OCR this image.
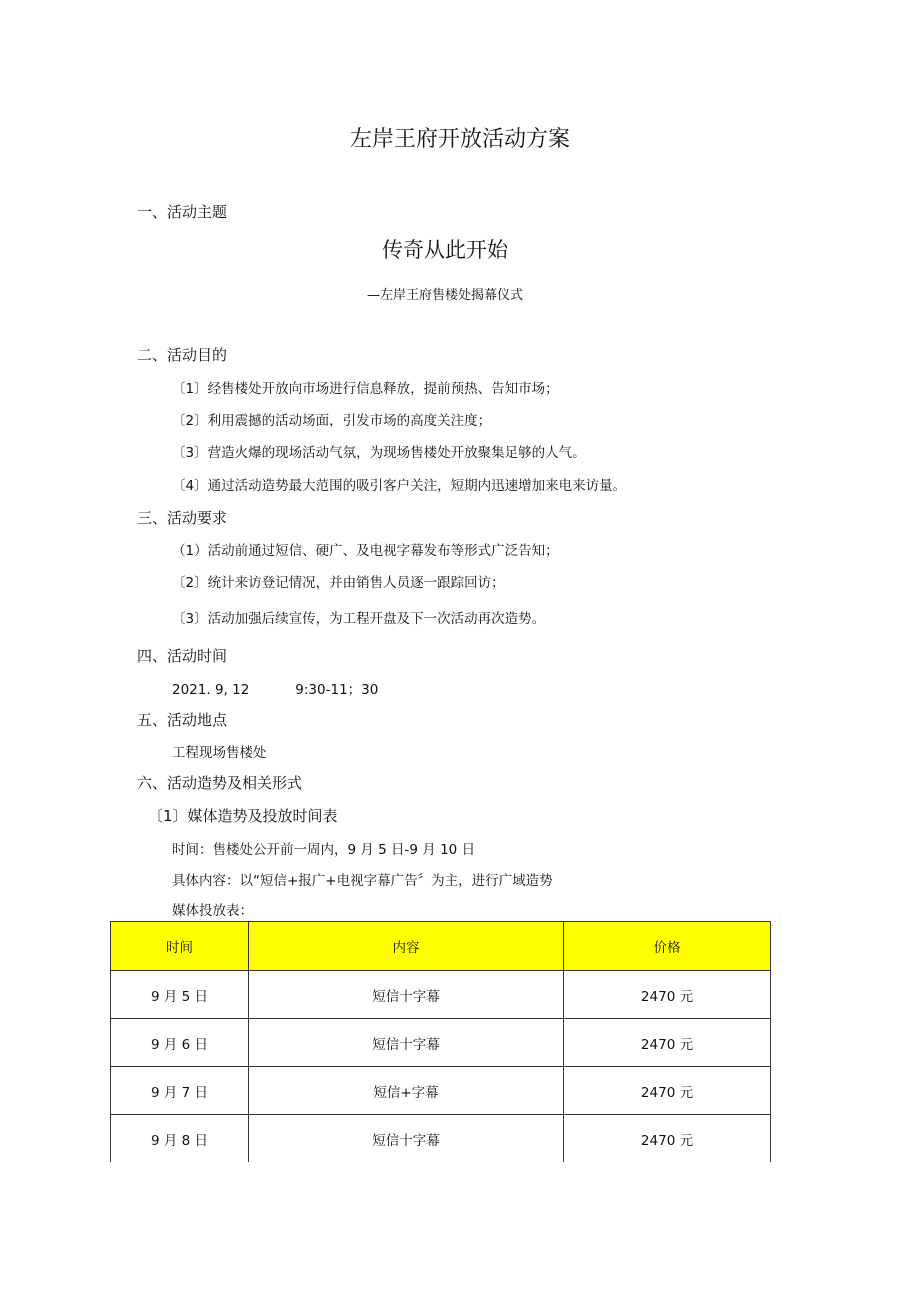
左岸王府开放活动方案
一、活动主题
传奇从此开始
—左岸王府售楼处揭幕仪式
二、活动目的
〔1〕经售楼处开放向市场进行信息释放，提前预热、告知市场；
〔2〕利用震撼的活动场面，引发市场的高度关注度；
〔3〕营造火爆的现场活动气氛，为现场售楼处开放聚集足够的人气。
〔4〕通过活动造势最大范围的吸引客户关注，短期内迅速增加来电来访量。
三、活动要求
（1）活动前通过短信、硬广、及电视字幕发布等形式广泛告知；
〔2〕统计来访登记情况，并由销售人员逐一跟踪回访；
〔3〕活动加强后续宣传，为工程开盘及下一次活动再次造势。
四、活动时间
2021. 9, 12	9:30-11；30
五、活动地点
工程现场售楼处
六、活动造势及相关形式
〔1〕媒体造势及投放时间表
时间：售楼处公开前一周内，9 月 5 日-9 月 10 日
具体内容：以“短信+报广+电视字幕广告〞为主，进行广域造势
媒体投放表：
时间	内容	价格
9 月 5 日	短信十字幕	2470 元
9 月 6 日	短信十字幕	2470 元
9 月 7 日	短信+字幕	2470 元
9 月 8 日	短信十字幕	2470 元
